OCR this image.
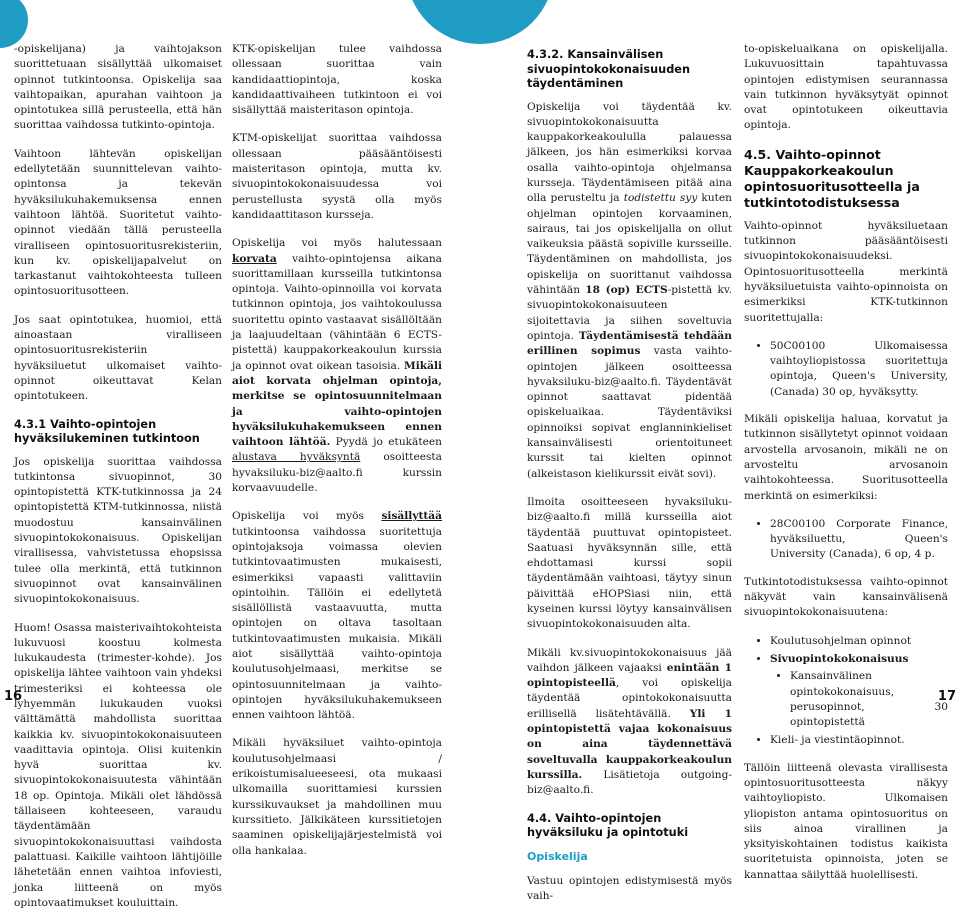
-opiskelijana) ja vaihtojakson suorittetuaan sisällyttää ulkomaiset opinnot tutkintoonsa. Opiskelija saa vaihtopaikan, apurahan vaihtoon ja opintotukea sillä perusteella, että hän suorittaa vaihdossa tutkinto-opintoja.

Vaihtoon lähtevän opiskelijan edellytetään suunnittelevan vaihto-opintonsa ja tekevän hyväksilukuhakemuksensa ennen vaihtoon lähtöä. Suoritetut vaihto-opinnot viedään tällä perusteella viralliseen opintosuoritusrekisteriin, kun kv. opiskelijapalvelut on tarkastanut vaihtokohteesta tulleen opintosuoritusotteen.

Jos saat opintotukea, huomioi, että ainoastaan viralliseen opintosuoritusrekisteriin hyväksiluetut ulkomaiset vaihto-opinnot oikeuttavat Kelan opintotukeen.

4.3.1 Vaihto-opintojen hyväksilukeminen tutkintoon

Jos opiskelija suorittaa vaihdossa tutkintonsa sivuopinnot, 30 opintopistettä KTK-tutkinnossa ja 24 opintopistettä KTM-tutkinnossa, niistä muodostuu kansainvälinen sivuopintokokonaisuus. Opiskelijan virallisessa, vahvistetussa ehopsissa tulee olla merkintä, että tutkinnon sivuopinnot ovat kansainvälinen sivuopintokokonaisuus.

Huom! Osassa maisterivaihtokohteista lukuvuosi koostuu kolmesta lukukaudesta (trimester-kohde). Jos opiskelija lähtee vaihtoon vain yhdeksi trimesteriksi ei kohteessa ole lyhyemmän lukukauden vuoksi välttämättä mahdollista suorittaa kaikkia kv. sivuopintokokonaisuuteen vaadittavia opintoja. Olisi kuitenkin hyvä suorittaa kv. sivuopintokokonaisuutesta vähintään 18 op. Opintoja. Mikäli olet lähdössä tällaiseen kohteeseen, varaudu täydentämään sivuopintokokonaisuuttasi vaihdosta palattuasi. Kaikille vaihtoon lähtijöille lähetetään ennen vaihtoa infoviesti, jonka liitteenä on myös opintovaatimukset kouluittain.

KTK-opiskelijan tulee vaihdossa ollessaan suorittaa vain kandidaattiopintoja, koska kandidaattivaiheen tutkintoon ei voi sisällyttää maisteritason opintoja.

KTM-opiskelijat suorittaa vaihdossa ollessaan pääsääntöisesti maisteritason opintoja, mutta kv. sivuopintokokonaisuudessa voi perustellusta syystä olla myös kandidaattitason kursseja.

Opiskelija voi myös halutessaan korvata vaihto-opintojensa aikana suorittamillaan kursseilla tutkintonsa opintoja. Vaihto-opinnoilla voi korvata tutkinnon opintoja, jos vaihtokoulussa suoritettu opinto vastaavat sisällöltään ja laajuudeltaan (vähintään 6 ECTS-pistettä) kauppakorkeakoulun kurssia ja opinnot ovat oikean tasoisia. Mikäli aiot korvata ohjelman opintoja, merkitse se opintosuunnitelmaan ja vaihto-opintojen hyväksilukuhakemukseen ennen vaihtoon lähtöä. Pyydä jo etukäteen alustava hyväksyntä osoitteesta hyvaksiluku-biz@aalto.fi kurssin korvaavuudelle.

Opiskelija voi myös sisällyttää tutkintoonsa vaihdossa suoritettuja opintojaksoja voimassa olevien tutkintovaatimusten mukaisesti, esimerkiksi vapaasti valittaviin opintoihin. Tällöin ei edellytetä sisällöllistä vastaavuutta, mutta opintojen on oltava tasoltaan tutkintovaatimusten mukaisia. Mikäli aiot sisällyttää vaihto-opintoja koulutusohjelmaasi, merkitse se opintosuunnitelmaan ja vaihto-opintojen hyväksilukuhakemukseen ennen vaihtoon lähtöä.

Mikäli hyväksiluet vaihto-opintoja koulutusohjelmaasi / erikoistumisalueeseesi, ota mukaasi ulkomailla suorittamiesi kurssien kurssikuvaukset ja mahdollinen muu kurssitieto. Jälkikäteen kurssitietojen saaminen opiskelijajärjestelmistä voi olla hankalaa.

4.3.2. Kansainvälisen sivuopintokokonaisuuden täydentäminen

Opiskelija voi täydentää kv. sivuopintokokonaisuutta kauppakorkeakoululla palauessa jälkeen, jos hän esimerkiksi korvaa osalla vaihto-opintoja ohjelmansa kursseja. Täydentämiseen pitää aina olla perusteltu ja todistettu syy kuten ohjelman opintojen korvaaminen, sairaus, tai jos opiskelijalla on ollut vaikeuksia päästä sopiville kursseille. Täydentäminen on mahdollista, jos opiskelija on suorittanut vaihdossa vähintään 18 (op) ECTS-pistettä kv. sivuopintokokonaisuuteen sijoitettavia ja siihen soveltuvia opintoja. Täydentämisestä tehdään erillinen sopimus vasta vaihto-opintojen jälkeen osoitteessa hyvaksiluku-biz@aalto.fi. Täydentävät opinnot saattavat pidentää opiskeluaikaa. Täydentäviksi opinnoiksi sopivat englanninkieliset kansainvälisesti orientoituneet kurssit tai kielten opinnot (alkeistason kielikurssit eivät sovi).

Ilmoita osoitteeseen hyvaksiluku-biz@aalto.fi millä kursseilla aiot täydentää puuttuvat opintopisteet. Saatuasi hyväksynnän sille, että ehdottamasi kurssi sopii täydentämään vaihtoasi, täytyy sinun päivittää eHOPSiasi niin, että kyseinen kurssi löytyy kansainvälisen sivuopintokokonaisuuden alta.

Mikäli kv.sivuopintokokonaisuus jää vaihdon jälkeen vajaaksi enintään 1 opintopisteellä, voi opiskelija täydentää opintokokonaisuutta erillisellä lisätehtävällä. Yli 1 opintopistettä vajaa kokonaisuus on aina täydennettävä soveltuvalla kauppakorkeakoulun kurssilla. Lisätietoja outgoing-biz@aalto.fi.

4.4. Vaihto-opintojen hyväksiluku ja opintotuki
Opiskelija

Vastuu opintojen edistymisestä myös vaih-

to-opiskeluaikana on opiskelijalla. Lukuvuosittain tapahtuvassa opintojen edistymisen seurannassa vain tutkinnon hyväksytyät opinnot ovat opintotukeen oikeuttavia opintoja.

4.5. Vaihto-opinnot Kauppakorkeakoulun opintosuoritusotteella ja tutkintotodistuksessa

Vaihto-opinnot hyväksiluetaan tutkinnon pääsääntöisesti sivuopintokokonaisuudeksi. Opintosuoritusotteella merkintä hyväksiluetuista vaihto-opinnoista on esimerkiksi KTK-tutkinnon suoritettujalla:

• 50C00100 Ulkomaisessa vaihtoyliopistossa suoritettuja opintoja, Queen's University, (Canada) 30 op, hyväksytty.

Mikäli opiskelija haluaa, korvatut ja tutkinnon sisällytetyt opinnot voidaan arvostella arvosanoin, mikäli ne on arvosteltu arvosanoin vaihtokohteessa. Suoritusotteella merkintä on esimerkiksi:

• 28C00100 Corporate Finance, hyväksiluettu, Queen's University (Canada), 6 op, 4 p.

Tutkintotodistuksessa vaihto-opinnot näkyvät vain kansainvälisenä sivuopintokokonaisuutena:

• Koulutusohjelman opinnot
• Sivuopintokokonaisuus
• Kansainvälinen opintokokonaisuus, perusopinnot, 30 opintopistettä
• Kieli- ja viestintäopinnot.

Tällöin liitteenä olevasta virallisesta opintosuoritusotteesta näkyy vaihtoyliopisto. Ulkomaisen yliopiston antama opintosuoritus on siis ainoa virallinen ja yksityiskohtainen todistus kaikista suoritetuista opinnoista, joten se kannattaa säilyttää huolellisesti.

16	17
